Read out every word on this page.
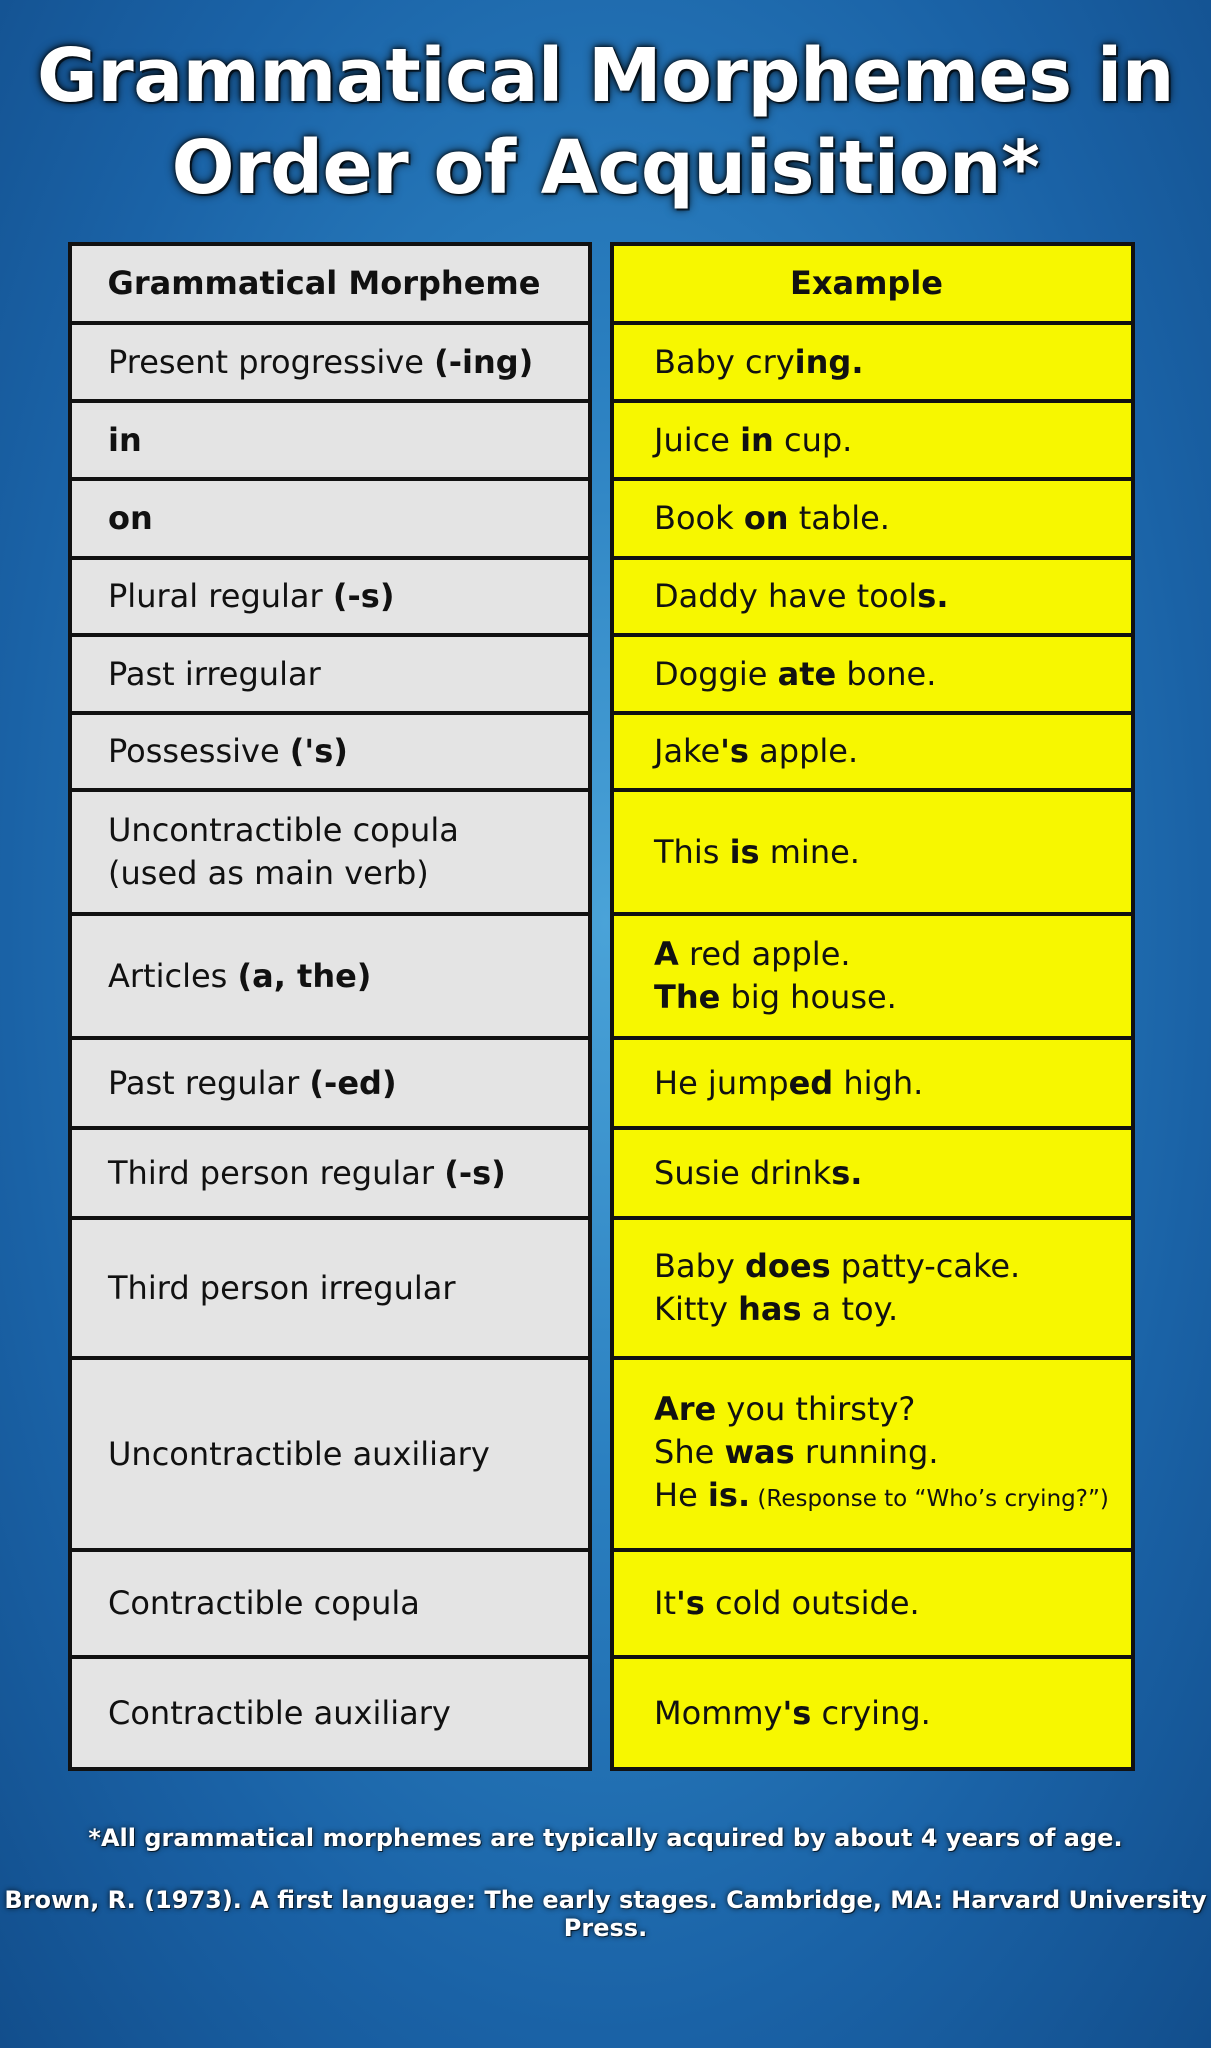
Grammatical Morphemes in
Order of Acquisition*
Grammatical Morpheme
Present progressive (-ing)
in
on
Plural regular (-s)
Past irregular
Possessive ('s)
Uncontractible copula
(used as main verb)
Articles (a, the)
Past regular (-ed)
Third person regular (-s)
Third person irregular
Uncontractible auxiliary
Contractible copula
Contractible auxiliary
Example
Baby crying.
Juice in cup.
Book on table.
Daddy have tools.
Doggie ate bone.
Jake's apple.
This is mine.
A red apple.
The big house.
He jumped high.
Susie drinks.
Baby does patty-cake.
Kitty has a toy.
Are you thirsty?
She was running.
He is. (Response to “Who’s crying?”)
It's cold outside.
Mommy's crying.
*All grammatical morphemes are typically acquired by about 4 years of age.
Brown, R. (1973). A first language: The early stages. Cambridge, MA: Harvard University Press.
